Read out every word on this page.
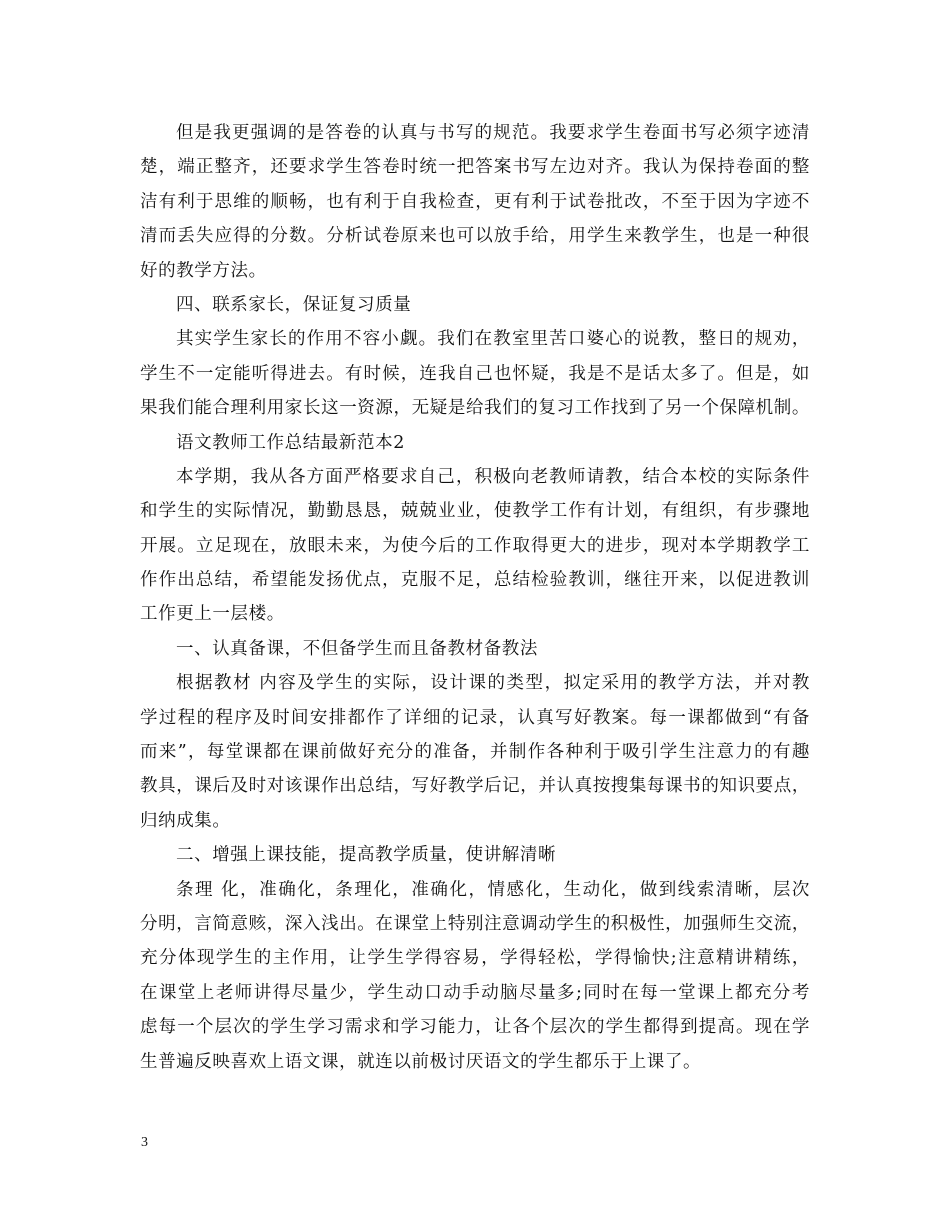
但是我更强调的是答卷的认真与书写的规范。我要求学生卷面书写必须字迹清
楚，端正整齐，还要求学生答卷时统一把答案书写左边对齐。我认为保持卷面的整
洁有利于思维的顺畅，也有利于自我检查，更有利于试卷批改，不至于因为字迹不
清而丢失应得的分数。分析试卷原来也可以放手给，用学生来教学生，也是一种很
好的教学方法。
四、联系家长，保证复习质量
其实学生家长的作用不容小觑。我们在教室里苦口婆心的说教，整日的规劝，
学生不一定能听得进去。有时候，连我自己也怀疑，我是不是话太多了。但是，如
果我们能合理利用家长这一资源，无疑是给我们的复习工作找到了另一个保障机制。
语文教师工作总结最新范本2
本学期，我从各方面严格要求自己，积极向老教师请教，结合本校的实际条件
和学生的实际情况，勤勤恳恳，兢兢业业，使教学工作有计划，有组织，有步骤地
开展。立足现在，放眼未来，为使今后的工作取得更大的进步，现对本学期教学工
作作出总结，希望能发扬优点，克服不足，总结检验教训，继往开来，以促进教训
工作更上一层楼。
一、认真备课，不但备学生而且备教材备教法
根据教材 内容及学生的实际，设计课的类型，拟定采用的教学方法，并对教
学过程的程序及时间安排都作了详细的记录，认真写好教案。每一课都做到“有备
而来”，每堂课都在课前做好充分的准备，并制作各种利于吸引学生注意力的有趣
教具，课后及时对该课作出总结，写好教学后记，并认真按搜集每课书的知识要点，
归纳成集。
二、增强上课技能，提高教学质量，使讲解清晰
条理 化，准确化，条理化，准确化，情感化，生动化，做到线索清晰，层次
分明，言简意赅，深入浅出。在课堂上特别注意调动学生的积极性，加强师生交流，
充分体现学生的主作用，让学生学得容易，学得轻松，学得愉快;注意精讲精练，
在课堂上老师讲得尽量少，学生动口动手动脑尽量多;同时在每一堂课上都充分考
虑每一个层次的学生学习需求和学习能力，让各个层次的学生都得到提高。现在学
生普遍反映喜欢上语文课，就连以前极讨厌语文的学生都乐于上课了。
3
